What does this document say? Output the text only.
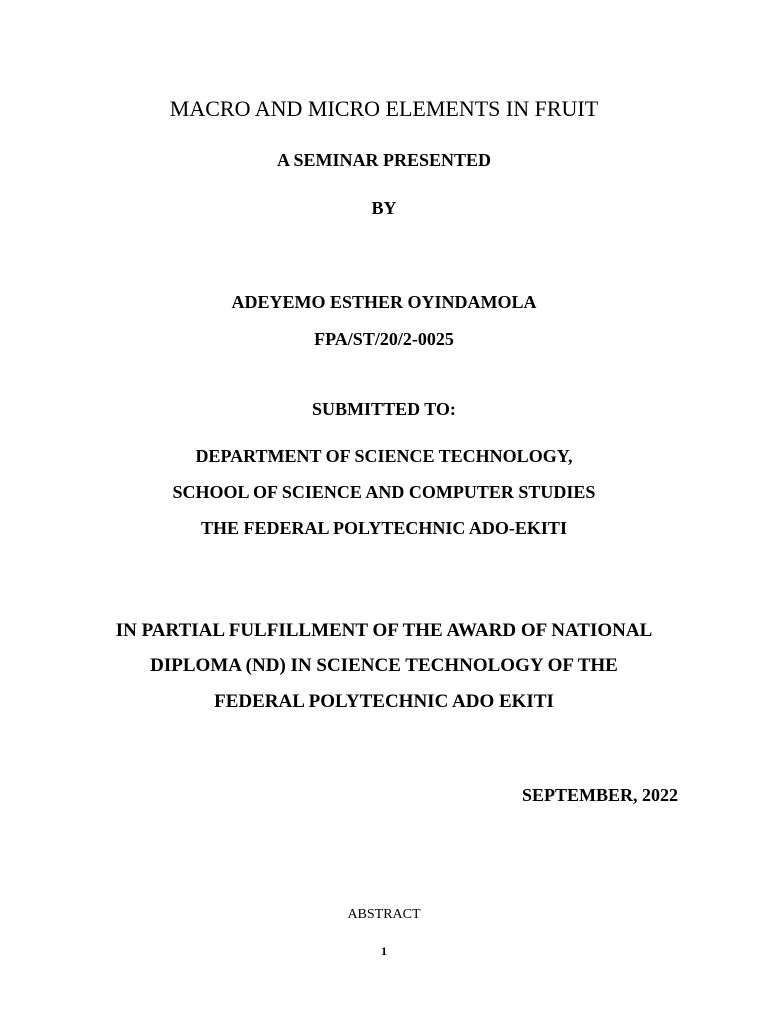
MACRO AND MICRO ELEMENTS IN FRUIT
A SEMINAR PRESENTED
BY
ADEYEMO ESTHER OYINDAMOLA
FPA/ST/20/2-0025
SUBMITTED TO:
DEPARTMENT OF SCIENCE TECHNOLOGY,
SCHOOL OF SCIENCE AND COMPUTER STUDIES
THE FEDERAL POLYTECHNIC ADO-EKITI
IN PARTIAL FULFILLMENT OF THE AWARD OF NATIONAL
DIPLOMA (ND) IN SCIENCE TECHNOLOGY OF THE
FEDERAL POLYTECHNIC ADO EKITI
SEPTEMBER, 2022
ABSTRACT
1
